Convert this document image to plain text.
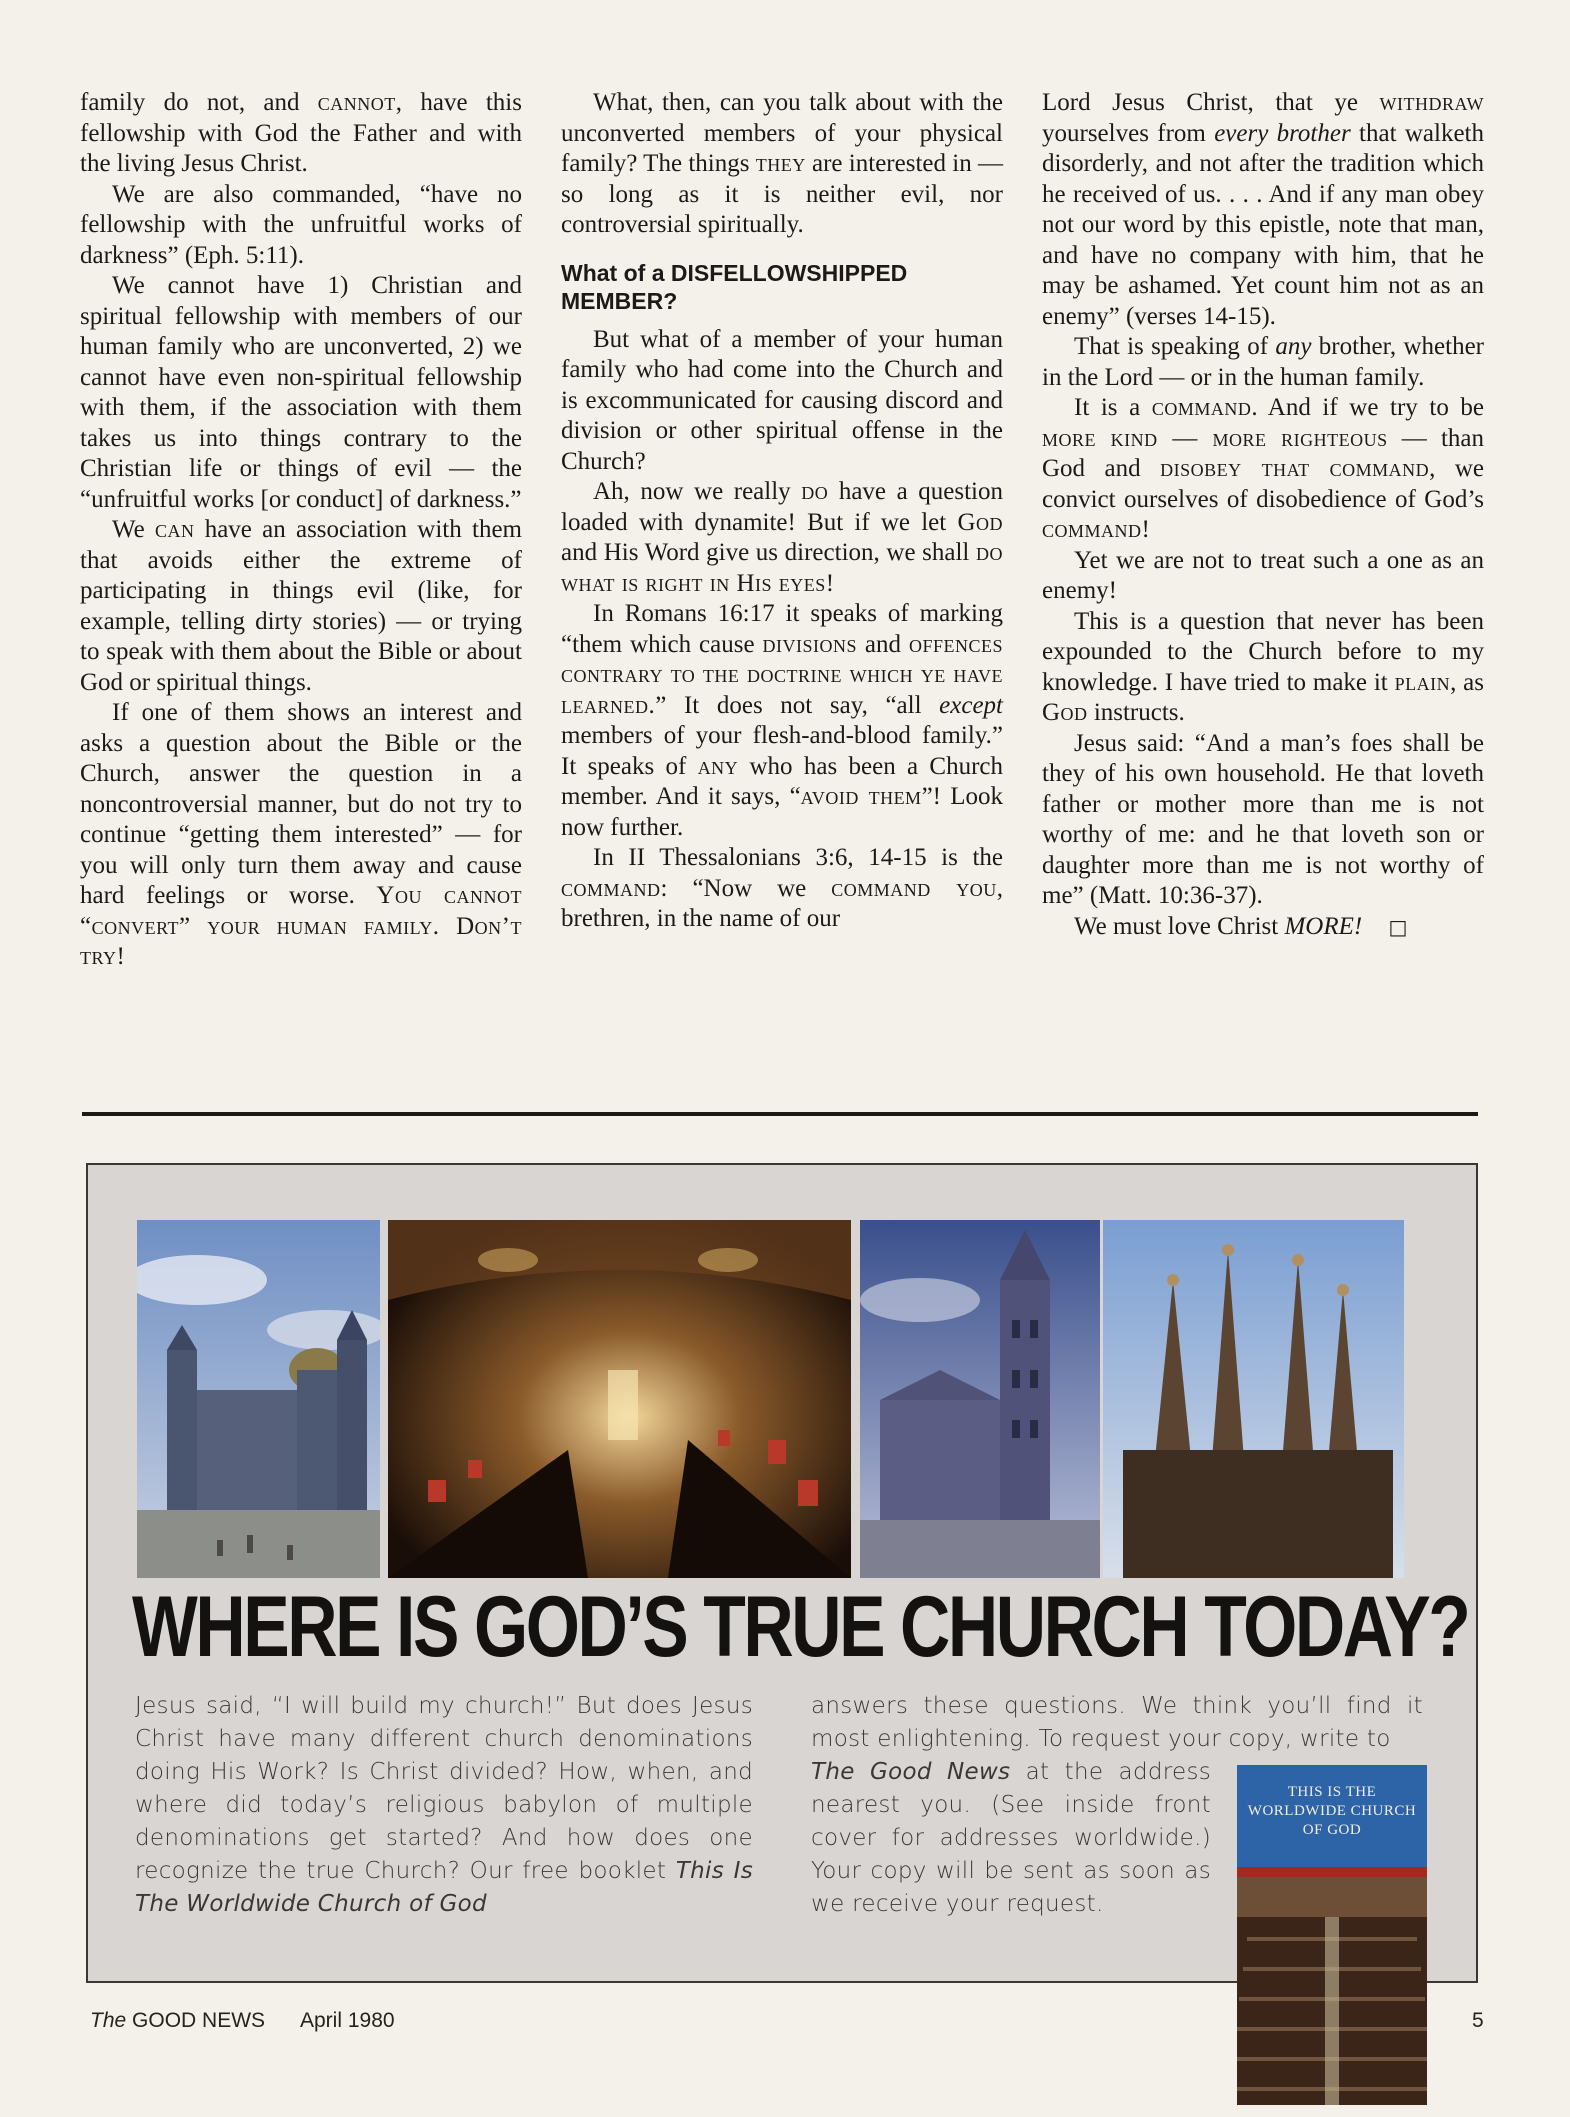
family do not, and cannot, have this fellowship with God the Father and with the living Jesus Christ.

We are also commanded, “have no fellowship with the unfruitful works of darkness” (Eph. 5:11).

We cannot have 1) Christian and spiritual fellowship with members of our human family who are unconverted, 2) we cannot have even non-spiritual fellowship with them, if the association with them takes us into things contrary to the Christian life or things of evil — the “unfruitful works [or conduct] of darkness.”

We can have an association with them that avoids either the extreme of participating in things evil (like, for example, telling dirty stories) — or trying to speak with them about the Bible or about God or spiritual things.

If one of them shows an interest and asks a question about the Bible or the Church, answer the question in a noncontroversial manner, but do not try to continue “getting them interested” — for you will only turn them away and cause hard feelings or worse. You cannot “convert” your human family. Don’t try!

What, then, can you talk about with the unconverted members of your physical family? The things they are interested in — so long as it is neither evil, nor controversial spiritually.

What of a DISFELLOWSHIPPED MEMBER?

But what of a member of your human family who had come into the Church and is excommunicated for causing discord and division or other spiritual offense in the Church?

Ah, now we really do have a question loaded with dynamite! But if we let God and His Word give us direction, we shall do what is right in His eyes!

In Romans 16:17 it speaks of marking “them which cause divisions and offences contrary to the doctrine which ye have learned.” It does not say, “all except members of your flesh-and-blood family.” It speaks of any who has been a Church member. And it says, “avoid them”! Look now further.

In II Thessalonians 3:6, 14-15 is the command: “Now we command you, brethren, in the name of our

Lord Jesus Christ, that ye withdraw yourselves from every brother that walketh disorderly, and not after the tradition which he received of us. . . . And if any man obey not our word by this epistle, note that man, and have no company with him, that he may be ashamed. Yet count him not as an enemy” (verses 14-15).

That is speaking of any brother, whether in the Lord — or in the human family.

It is a command. And if we try to be more kind — more righteous — than God and disobey that command, we convict ourselves of disobedience of God’s command!

Yet we are not to treat such a one as an enemy!

This is a question that never has been expounded to the Church before to my knowledge. I have tried to make it plain, as God instructs.

Jesus said: “And a man’s foes shall be they of his own household. He that loveth father or mother more than me is not worthy of me: and he that loveth son or daughter more than me is not worthy of me” (Matt. 10:36-37).

We must love Christ MORE! □

WHERE IS GOD’S TRUE CHURCH TODAY?
Jesus said, “I will build my church!” But does Jesus Christ have many different church denominations doing His Work? Is Christ divided? How, when, and where did today’s religious babylon of multiple denominations get started? And how does one recognize the true Church? Our free booklet This Is The Worldwide Church of God
answers these questions. We think you’ll find it most enlightening. To request your copy, write to
The Good News at the address nearest you. (See inside front cover for addresses worldwide.) Your copy will be sent as soon as we receive your request.
THIS IS THE WORLDWIDE CHURCH OF GOD
The GOOD NEWS April 1980	5
